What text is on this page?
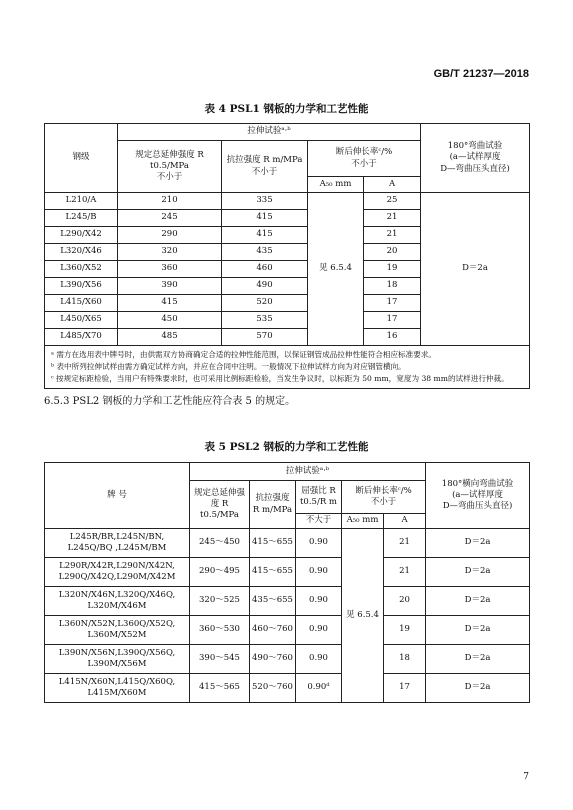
GB/T 21237—2018
表 4 PSL1 钢板的力学和工艺性能
钢级	拉伸试验ᵃ·ᵇ				180°弯曲试验
(a—试样厚度
D—弯曲压头直径)
	规定总延伸强度 R t0.5/MPa
不小于	抗拉强度 R m/MPa
不小于	断后伸长率ᶜ/%
不小于		
			A₅₀ mm	A	
L210/A	210	335	见 6.5.4	25	D＝2a
L245/B	245	415		21	
L290/X42	290	415		21	
L320/X46	320	435		20	
L360/X52	360	460		19	
L390/X56	390	490		18	
L415/X60	415	520		17	
L450/X65	450	535		17	
L485/X70	485	570		16	

ᵃ 需方在选用表中牌号时，由供需双方协商确定合适的拉伸性能范围，以保证钢管成品拉伸性能符合相应标准要求。
ᵇ 表中所列拉伸试样由需方确定试样方向，并应在合同中注明。一般情况下拉伸试样方向为对应钢管横向。
ᶜ 按规定标距检验，当用户有特殊要求时，也可采用比例标距检验，当发生争议时，以标距为 50 mm，宽度为 38 mm的试样进行仲裁。					
6.5.3 PSL2 钢板的力学和工艺性能应符合表 5 的规定。
表 5 PSL2 钢板的力学和工艺性能
牌 号	拉伸试验ᵃ·ᵇ					180°横向弯曲试验
(a—试样厚度
D—弯曲压头直径)
	规定总延伸强度 R t0.5/MPa	抗拉强度 R m/MPa	屈强比 R t0.5/R m	断后伸长率ᶜ/%
不小于		
			不大于	A₅₀ mm	A	
L245R/BR,L245N/BN,
L245Q/BQ ,L245M/BM	245～450	415～655	0.90	见 6.5.4	21	D＝2a
L290R/X42R,L290N/X42N,
L290Q/X42Q,L290M/X42M	290～495	415～655	0.90		21	D＝2a
L320N/X46N,L320Q/X46Q,
L320M/X46M	320～525	435～655	0.90		20	D＝2a
L360N/X52N,L360Q/X52Q,
L360M/X52M	360～530	460～760	0.90		19	D＝2a
L390N/X56N,L390Q/X56Q,
L390M/X56M	390～545	490～760	0.90		18	D＝2a
L415N/X60N,L415Q/X60Q,
L415M/X60M	415～565	520～760	0.90ᵈ		17	D＝2a
7
